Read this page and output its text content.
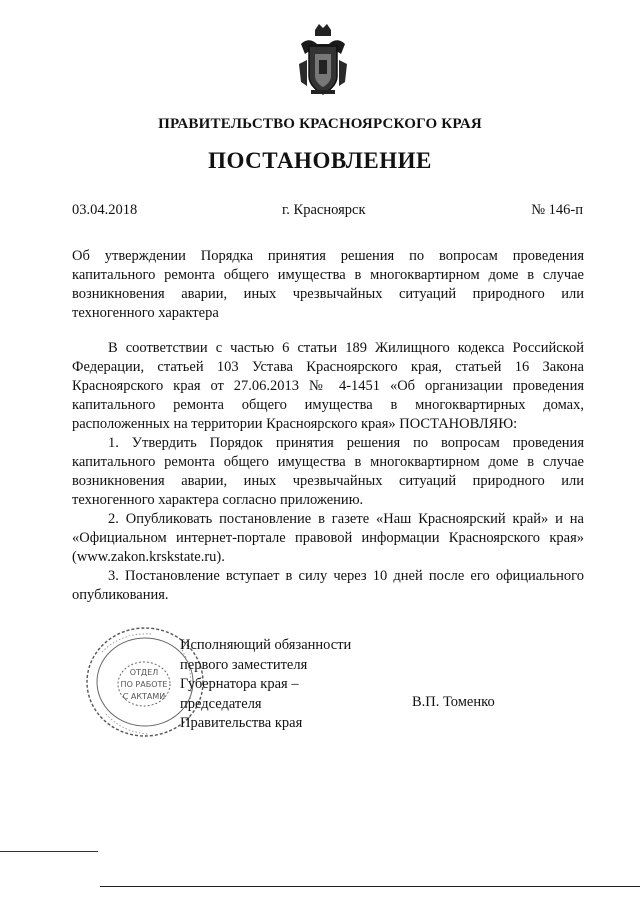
ПРАВИТЕЛЬСТВО КРАСНОЯРСКОГО КРАЯ
ПОСТАНОВЛЕНИЕ
03.04.2018	г. Красноярск	№ 146-п
Об утверждении Порядка принятия решения по вопросам проведения капитального ремонта общего имущества в многоквартирном доме в случае возникновения аварии, иных чрезвычайных ситуаций природного или техногенного характера

В соответствии с частью 6 статьи 189 Жилищного кодекса Российской Федерации, статьей 103 Устава Красноярского края, статьей 16 Закона Красноярского края от 27.06.2013 № 4-1451 «Об организации проведения капитального ремонта общего имущества в многоквартирных домах, расположенных на территории Красноярского края» ПОСТАНОВЛЯЮ:

1. Утвердить Порядок принятия решения по вопросам проведения капитального ремонта общего имущества в многоквартирном доме в случае возникновения аварии, иных чрезвычайных ситуаций природного или техногенного характера согласно приложению.

2. Опубликовать постановление в газете «Наш Красноярский край» и на «Официальном интернет-портале правовой информации Красноярского края» (www.zakon.krskstate.ru).

3. Постановление вступает в силу через 10 дней после его официального опубликования.

ОТДЕЛ
ПО РАБОТЕ
С АКТАМИ
Исполняющий обязанности
первого заместителя
Губернатора края –
председателя
Правительства края
В.П. Томенко
